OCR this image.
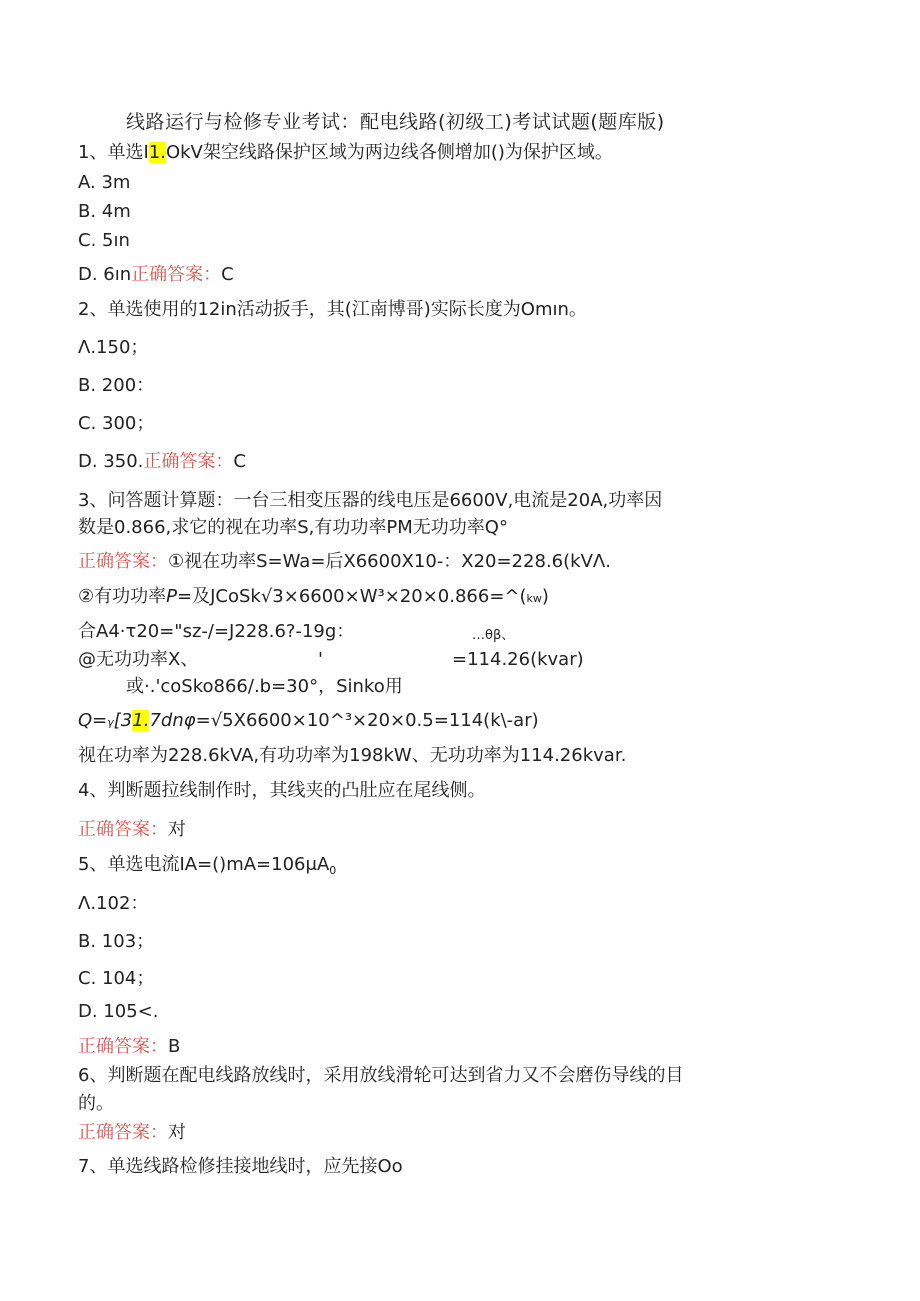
线路运行与检修专业考试：配电线路(初级工)考试试题(题库版)
1、单选I1.OkV架空线路保护区域为两边线各侧增加()为保护区域。
A. 3m
B. 4m
C. 5ın
D. 6ın正确答案：C
2、单选使用的12in活动扳手，其(江南博哥)实际长度为Omın。
Λ.150；
B. 200：
C. 300；
D. 350.正确答案：C
3、问答题计算题：一台三相变压器的线电压是6600V,电流是20A,功率因
数是0.866,求它的视在功率S,有功功率PM无功功率Q°
正确答案：①视在功率S=Wa=后X6600X10-：X20=228.6(kVΛ.
②有功功率P=及JCoSk√3×6600×W³×20×0.866=^(kw)
合A4·τ20="sz-/=J228.6?-19g：	…θβ、
@无功功率X、	'	=114.26(kvar)
或·.'coSko866/.b=30°，Sinko用
Q=γ[31.7dnφ=√5X6600×10^³×20×0.5=114(k\-ar)
视在功率为228.6kVA,有功功率为198kW、无功功率为114.26kvar.
4、判断题拉线制作时，其线夹的凸肚应在尾线侧。
正确答案：对
5、单选电流$IA=()mA=106\mu A_0$
Λ.102：
B. 103；
C. 104；
D. 105<.
正确答案：B
6、判断题在配电线路放线时，采用放线滑轮可达到省力又不会磨伤导线的目
的。
正确答案：对
7、单选线路检修挂接地线时，应先接Oo
